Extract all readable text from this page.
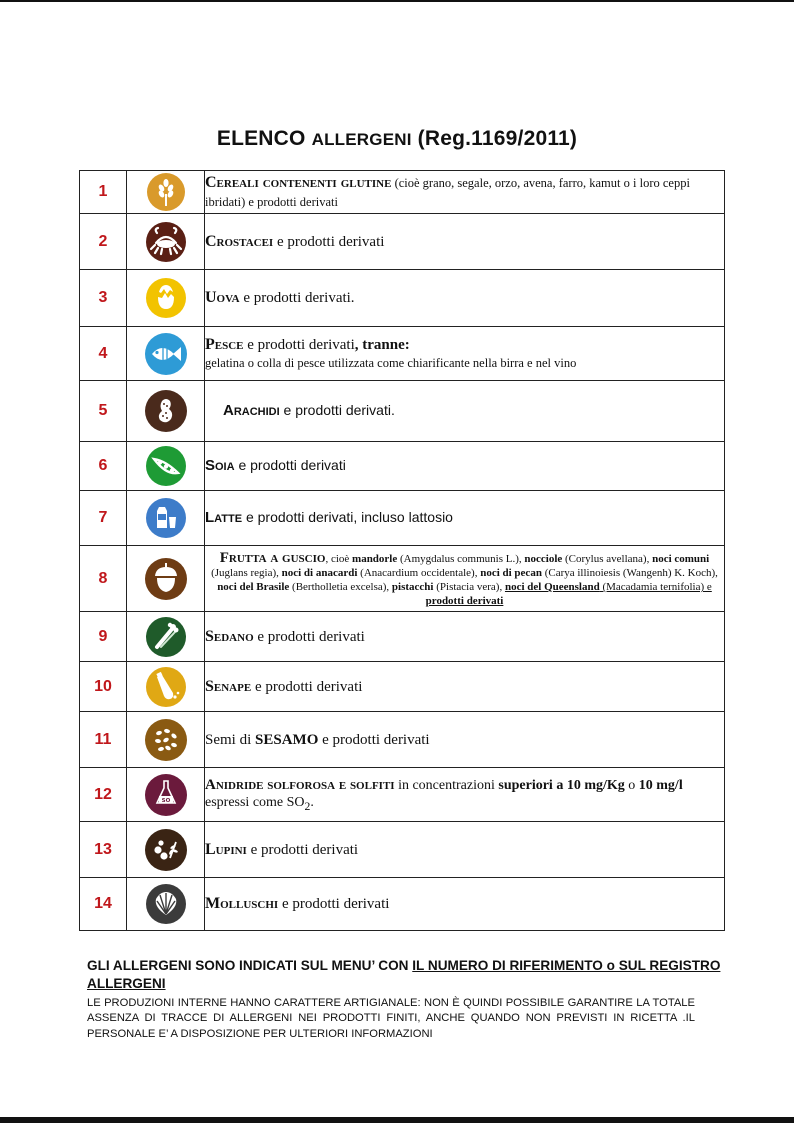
ELENCO ALLERGENI (Reg.1169/2011)
1		Cereali contenenti glutine (cioè grano, segale, orzo, avena, farro, kamut o i loro ceppi ibridati) e prodotti derivati
2		Crostacei e prodotti derivati
3		Uova e prodotti derivati.
4		Pesce e prodotti derivati, tranne:
gelatina o colla di pesce utilizzata come chiarificante nella birra e nel vino
5		Arachidi e prodotti derivati.

6		Soia e prodotti derivati

7		Latte e prodotti derivati, incluso lattosio

8		Frutta a guscio, cioè mandorle (Amygdalus communis L.), nocciole (Corylus avellana), noci comuni (Juglans regia), noci di anacardi (Anacardium occidentale), noci di pecan (Carya illinoiesis (Wangenh) K. Koch), noci del Brasile (Bertholletia excelsa), pistacchi (Pistacia vera), noci del Queensland (Macadamia ternifolia) e prodotti derivati
9		Sedano e prodotti derivati
10		Senape e prodotti derivati
11		Semi di SESAMO e prodotti derivati
12	SO	Anidride solforosa e solfiti in concentrazioni superiori a 10 mg/Kg o 10 mg/l espressi come $SO_2$.
13		Lupini e prodotti derivati
14		Molluschi e prodotti derivati
GLI ALLERGENI SONO INDICATI SUL MENU’ CON IL NUMERO DI RIFERIMENTO o SUL REGISTRO ALLERGENI
LE PRODUZIONI INTERNE HANNO CARATTERE ARTIGIANALE: NON È QUINDI POSSIBILE GARANTIRE LA TOTALE ASSENZA DI TRACCE DI ALLERGENI NEI PRODOTTI FINITI, ANCHE QUANDO NON PREVISTI IN RICETTA .IL PERSONALE E’ A DISPOSIZIONE PER ULTERIORI INFORMAZIONI
